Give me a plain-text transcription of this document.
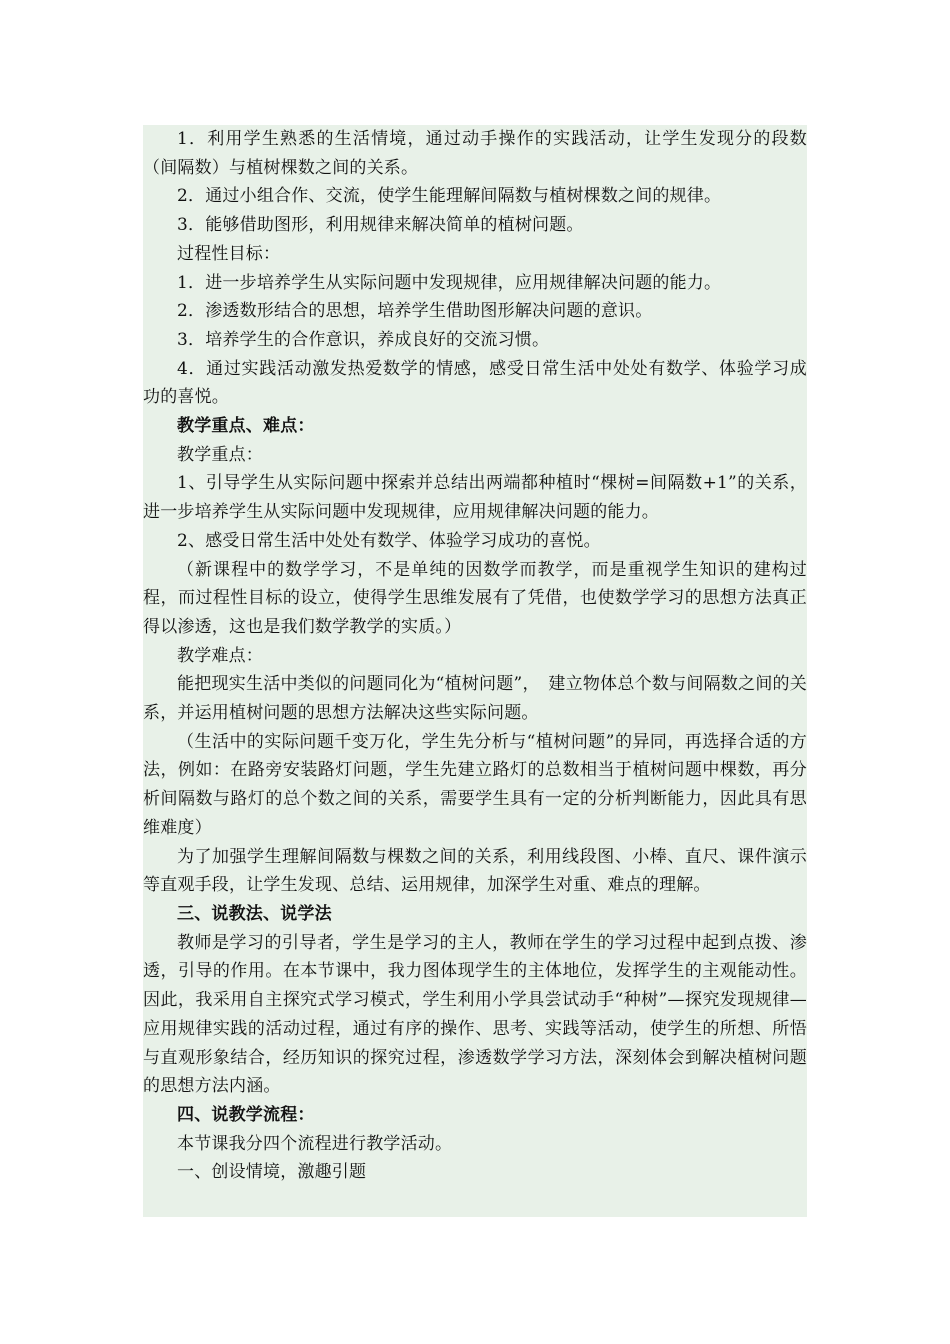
1．利用学生熟悉的生活情境，通过动手操作的实践活动，让学生发现分的段数（间隔数）与植树棵数之间的关系。

2．通过小组合作、交流，使学生能理解间隔数与植树棵数之间的规律。

3．能够借助图形，利用规律来解决简单的植树问题。

过程性目标：

1．进一步培养学生从实际问题中发现规律，应用规律解决问题的能力。

2．渗透数形结合的思想，培养学生借助图形解决问题的意识。

3．培养学生的合作意识，养成良好的交流习惯。

4．通过实践活动激发热爱数学的情感，感受日常生活中处处有数学、体验学习成功的喜悦。

教学重点、难点：

教学重点：

1、引导学生从实际问题中探索并总结出两端都种植时“棵树=间隔数+1”的关系，进一步培养学生从实际问题中发现规律，应用规律解决问题的能力。

2、感受日常生活中处处有数学、体验学习成功的喜悦。

（新课程中的数学学习，不是单纯的因数学而教学，而是重视学生知识的建构过程，而过程性目标的设立，使得学生思维发展有了凭借，也使数学学习的思想方法真正得以渗透，这也是我们数学教学的实质。）

教学难点：

能把现实生活中类似的问题同化为“植树问题”，　建立物体总个数与间隔数之间的关系，并运用植树问题的思想方法解决这些实际问题。

（生活中的实际问题千变万化，学生先分析与“植树问题”的异同，再选择合适的方法，例如：在路旁安装路灯问题，学生先建立路灯的总数相当于植树问题中棵数，再分析间隔数与路灯的总个数之间的关系，需要学生具有一定的分析判断能力，因此具有思维难度）

为了加强学生理解间隔数与棵数之间的关系，利用线段图、小棒、直尺、课件演示等直观手段，让学生发现、总结、运用规律，加深学生对重、难点的理解。

三、说教法、说学法

教师是学习的引导者，学生是学习的主人，教师在学生的学习过程中起到点拨、渗透，引导的作用。在本节课中，我力图体现学生的主体地位，发挥学生的主观能动性。因此，我采用自主探究式学习模式，学生利用小学具尝试动手“种树”—探究发现规律—应用规律实践的活动过程，通过有序的操作、思考、实践等活动，使学生的所想、所悟与直观形象结合，经历知识的探究过程，渗透数学学习方法，深刻体会到解决植树问题的思想方法内涵。

四、说教学流程：

本节课我分四个流程进行教学活动。

一、创设情境，激趣引题
